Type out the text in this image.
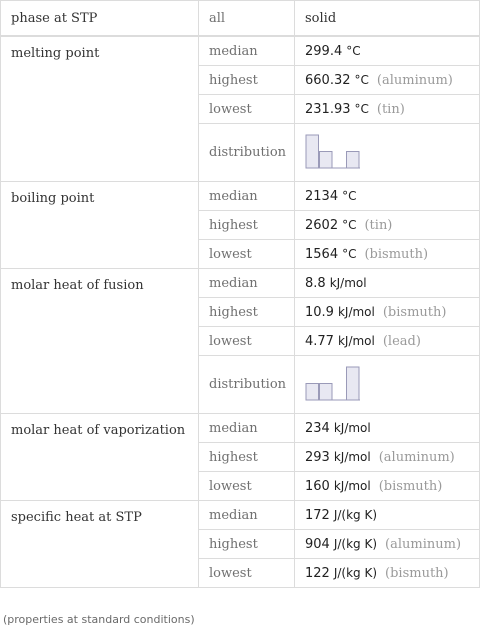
phase at STP	all	solid
melting point	median	299.4 °C
highest	660.32 °C (aluminum)
lowest	231.93 °C (tin)
distribution
boiling point	median	2134 °C
highest	2602 °C (tin)
lowest	1564 °C (bismuth)
molar heat of fusion	median	8.8 kJ/mol
highest	10.9 kJ/mol (bismuth)
lowest	4.77 kJ/mol (lead)
distribution
molar heat of vaporization	median	234 kJ/mol
highest	293 kJ/mol (aluminum)
lowest	160 kJ/mol (bismuth)
specific heat at STP	median	172 J/(kg K)
highest	904 J/(kg K) (aluminum)
lowest	122 J/(kg K) (bismuth)
(properties at standard conditions)
